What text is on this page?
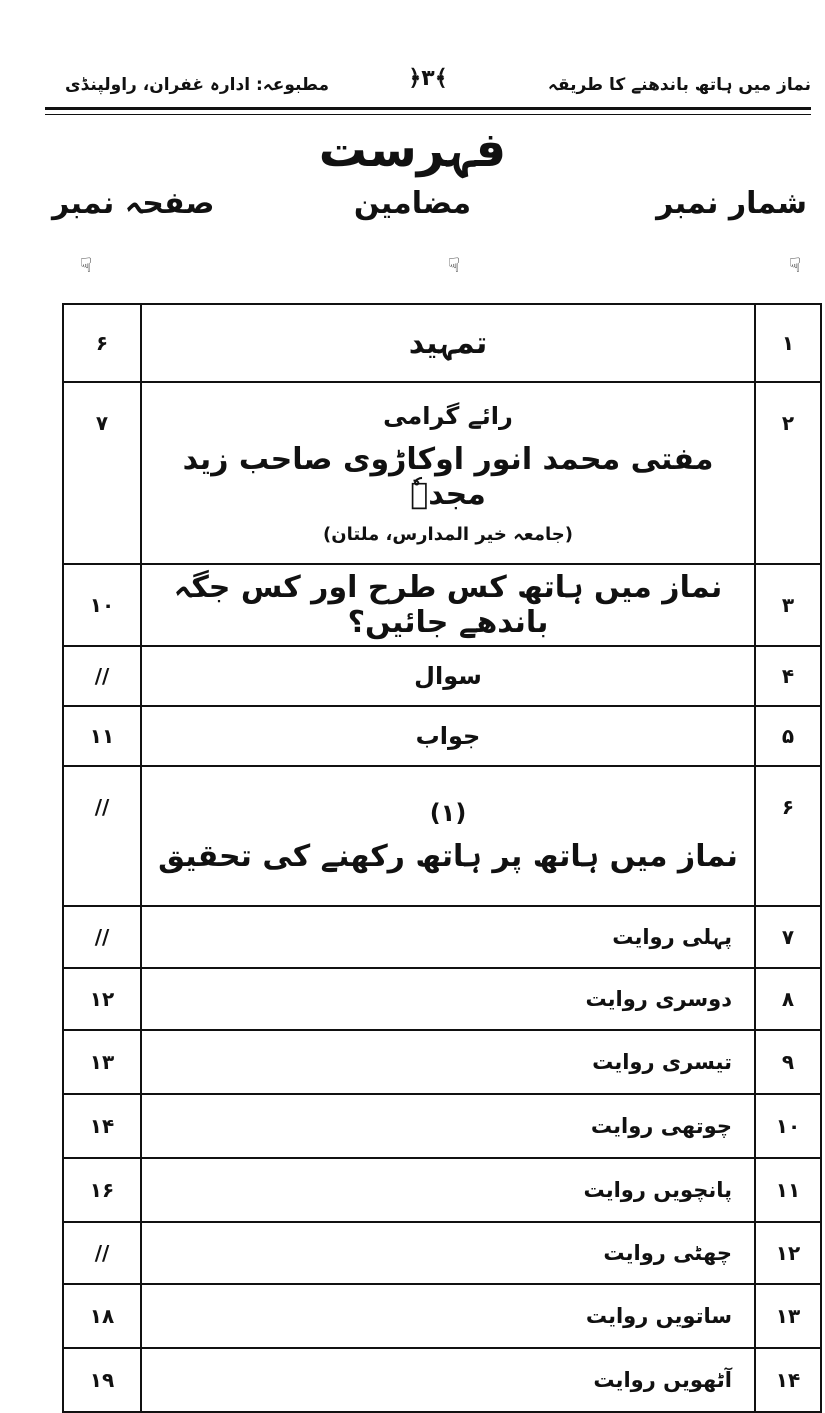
نماز میں ہاتھ باندھنے کا طریقہ
﴿۳﴾
مطبوعہ: ادارہ غفران، راولپنڈی
فہرست
شمار نمبر
مضامین
صفحہ نمبر
☟
☟
☟
۱
تمہید
۶
۲
رائے گرامی
مفتی محمد انور اوکاڑوی صاحب زید مجدہٗ
(جامعہ خیر المدارس، ملتان)
۷
۳
نماز میں ہاتھ کس طرح اور کس جگہ باندھے جائیں؟
۱۰
۴
سوال
//
۵
جواب
۱۱
۶
(۱)
نماز میں ہاتھ پر ہاتھ رکھنے کی تحقیق
//
۷
پہلی روایت
//
۸
دوسری روایت
۱۲
۹
تیسری روایت
۱۳
۱۰
چوتھی روایت
۱۴
۱۱
پانچویں روایت
۱۶
۱۲
چھٹی روایت
//
۱۳
ساتویں روایت
۱۸
۱۴
آٹھویں روایت
۱۹
